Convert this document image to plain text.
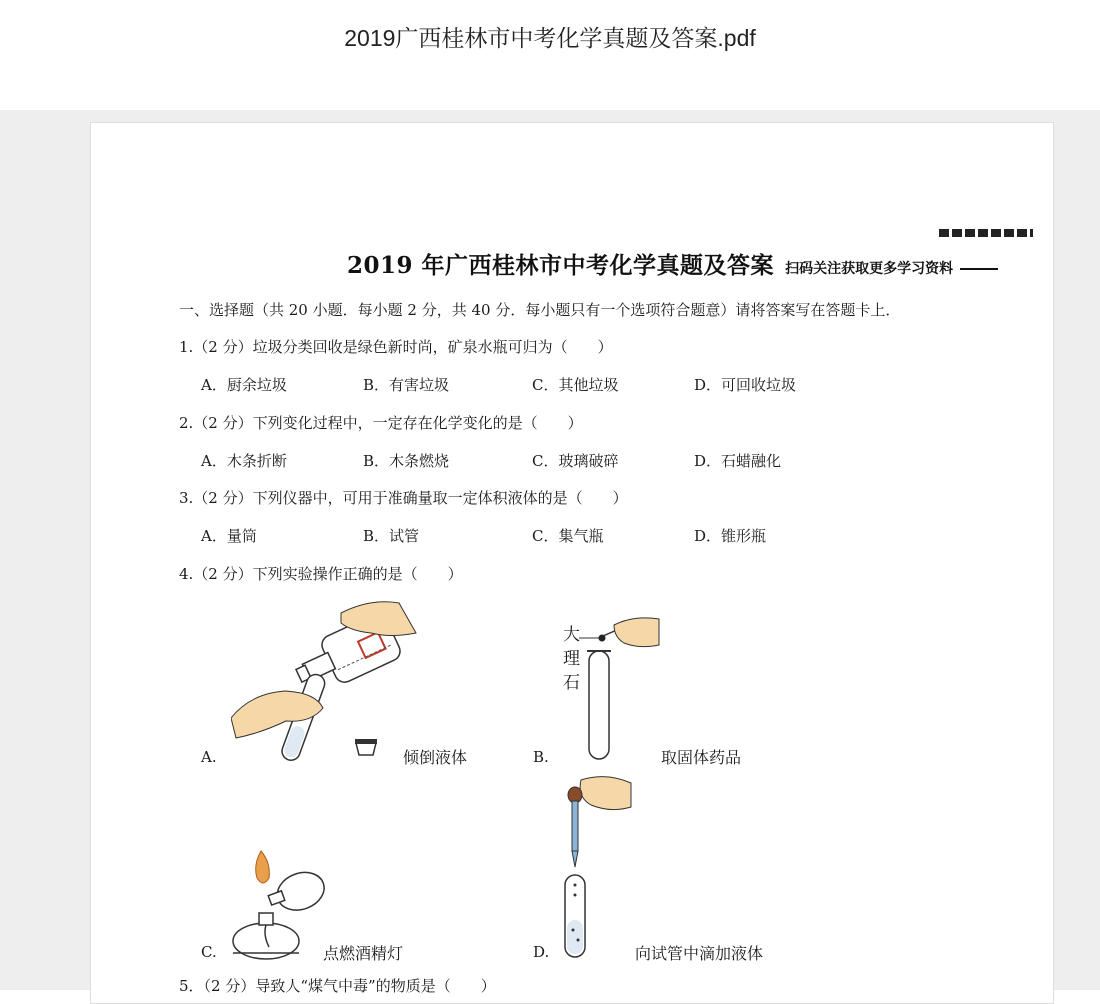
2019广西桂林市中考化学真题及答案.pdf
2019 年广西桂林市中考化学真题及答案 扫码关注获取更多学习资料
一、选择题（共 20 小题．每小题 2 分，共 40 分．每小题只有一个选项符合题意）请将答案写在答题卡上．
1.（2 分）垃圾分类回收是绿色新时尚，矿泉水瓶可归为（　　）
A．厨余垃圾	B．有害垃圾	C．其他垃圾	D．可回收垃圾
2.（2 分）下列变化过程中，一定存在化学变化的是（　　）
A．木条折断	B．木条燃烧	C．玻璃破碎	D．石蜡融化
3.（2 分）下列仪器中，可用于准确量取一定体积液体的是（　　）
A．量筒	B．试管	C．集气瓶	D．锥形瓶
4.（2 分）下列实验操作正确的是（　　）
A.	倾倒液体	B.
大
理
石
取固体药品
C.	点燃酒精灯	D.	向试管中滴加液体
5．（2 分）导致人“煤气中毒”的物质是（　　）
